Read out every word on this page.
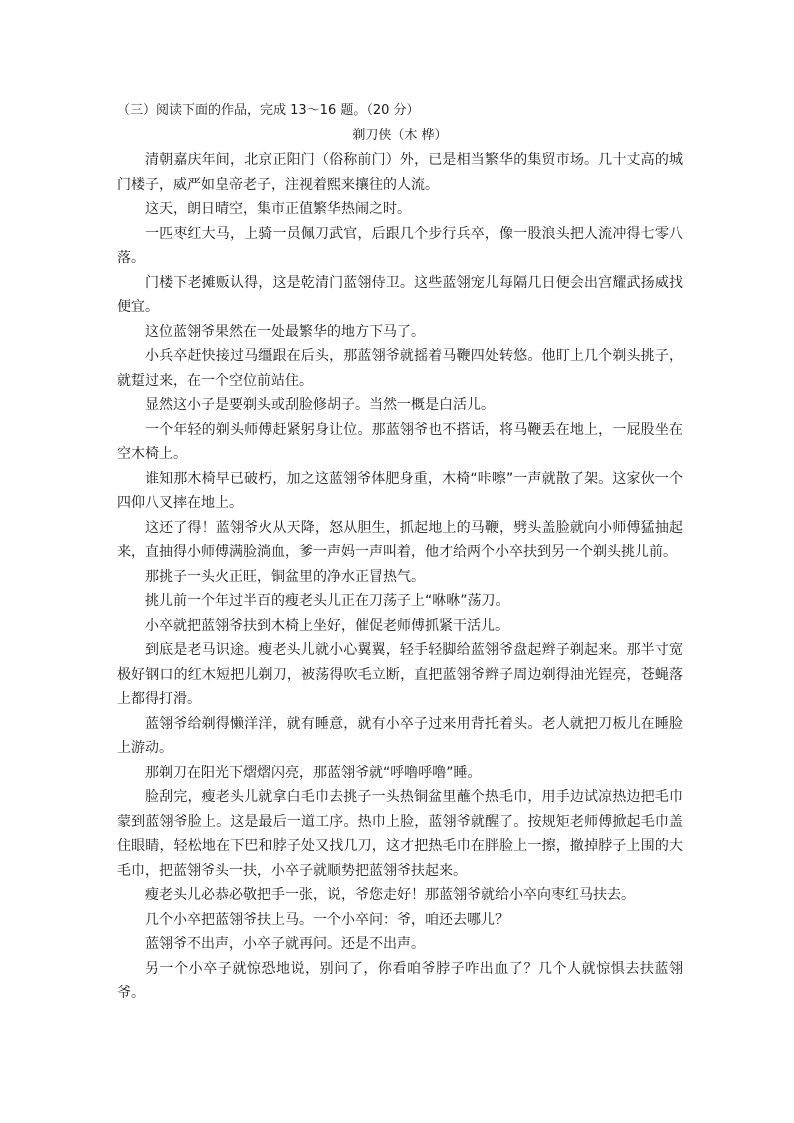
（三）阅读下面的作品，完成 13～16 题。（20 分）
剃刀侠（木 桦）

清朝嘉庆年间，北京正阳门（俗称前门）外，已是相当繁华的集贸市场。几十丈高的城门楼子，威严如皇帝老子，注视着熙来攘往的人流。

这天，朗日晴空，集市正值繁华热闹之时。

一匹枣红大马，上骑一员佩刀武官，后跟几个步行兵卒，像一股浪头把人流冲得七零八落。

门楼下老摊贩认得，这是乾清门蓝翎侍卫。这些蓝翎宠儿每隔几日便会出宫耀武扬威找便宜。

这位蓝翎爷果然在一处最繁华的地方下马了。

小兵卒赶快接过马缰跟在后头，那蓝翎爷就摇着马鞭四处转悠。他盯上几个剃头挑子，就踅过来，在一个空位前站住。

显然这小子是要剃头或刮脸修胡子。当然一概是白活儿。

一个年轻的剃头师傅赶紧躬身让位。那蓝翎爷也不搭话，将马鞭丢在地上，一屁股坐在空木椅上。

谁知那木椅早已破朽，加之这蓝翎爷体肥身重，木椅“咔嚓”一声就散了架。这家伙一个四仰八叉摔在地上。

这还了得！蓝翎爷火从天降，怒从胆生，抓起地上的马鞭，劈头盖脸就向小师傅猛抽起来，直抽得小师傅满脸淌血，爹一声妈一声叫着，他才给两个小卒扶到另一个剃头挑儿前。

那挑子一头火正旺，铜盆里的净水正冒热气。

挑儿前一个年过半百的瘦老头儿正在刀荡子上“咻咻”荡刀。

小卒就把蓝翎爷扶到木椅上坐好，催促老师傅抓紧干活儿。

到底是老马识途。瘦老头儿就小心翼翼，轻手轻脚给蓝翎爷盘起辫子剃起来。那半寸宽极好钢口的红木短把儿剃刀，被荡得吹毛立断，直把蓝翎爷辫子周边剃得油光锃亮，苍蝇落上都得打滑。

蓝翎爷给剃得懒洋洋，就有睡意，就有小卒子过来用背托着头。老人就把刀板儿在睡脸上游动。

那剃刀在阳光下熠熠闪亮，那蓝翎爷就“呼噜呼噜”睡。

脸刮完，瘦老头儿就拿白毛巾去挑子一头热铜盆里蘸个热毛巾，用手边试凉热边把毛巾蒙到蓝翎爷脸上。这是最后一道工序。热巾上脸，蓝翎爷就醒了。按规矩老师傅掀起毛巾盖住眼睛，轻松地在下巴和脖子处又找几刀，这才把热毛巾在胖脸上一擦，撤掉脖子上围的大毛巾，把蓝翎爷头一扶，小卒子就顺势把蓝翎爷扶起来。

瘦老头儿必恭必敬把手一张，说，爷您走好！那蓝翎爷就给小卒向枣红马扶去。

几个小卒把蓝翎爷扶上马。一个小卒问：爷，咱还去哪儿？

蓝翎爷不出声，小卒子就再问。还是不出声。

另一个小卒子就惊恐地说，别问了，你看咱爷脖子咋出血了？几个人就惊惧去扶蓝翎爷。
